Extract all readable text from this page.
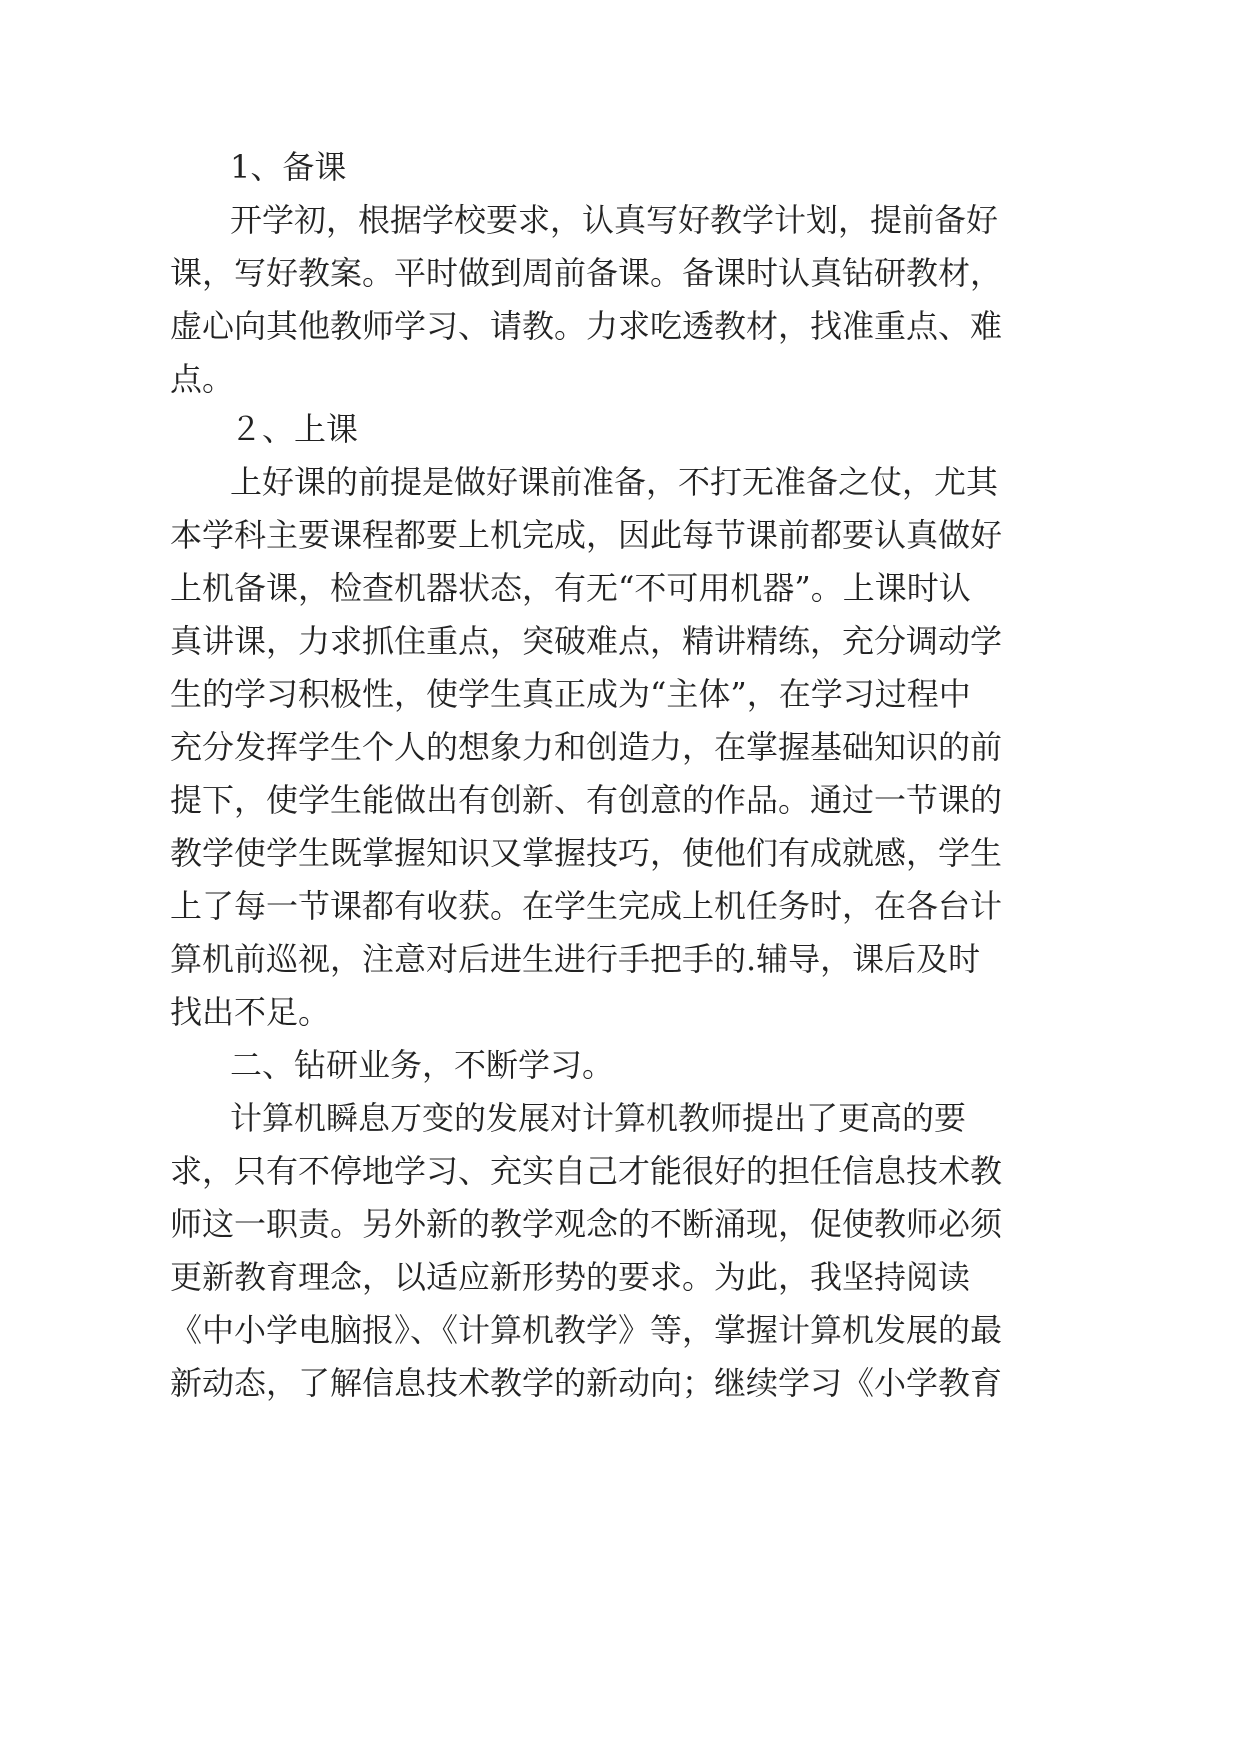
1、备课
开学初，根据学校要求，认真写好教学计划，提前备好
课，写好教案。平时做到周前备课。备课时认真钻研教材，
虚心向其他教师学习、请教。力求吃透教材，找准重点、难
点。
２、上课
上好课的前提是做好课前准备，不打无准备之仗，尤其
本学科主要课程都要上机完成，因此每节课前都要认真做好
上机备课，检查机器状态，有无“不可用机器”。上课时认
真讲课，力求抓住重点，突破难点，精讲精练，充分调动学
生的学习积极性，使学生真正成为“主体”，在学习过程中
充分发挥学生个人的想象力和创造力，在掌握基础知识的前
提下，使学生能做出有创新、有创意的作品。通过一节课的
教学使学生既掌握知识又掌握技巧，使他们有成就感，学生
上了每一节课都有收获。在学生完成上机任务时，在各台计
算机前巡视，注意对后进生进行手把手的.辅导，课后及时
找出不足。
二、钻研业务，不断学习。
计算机瞬息万变的发展对计算机教师提出了更高的要
求，只有不停地学习、充实自己才能很好的担任信息技术教
师这一职责。另外新的教学观念的不断涌现，促使教师必须
更新教育理念，以适应新形势的要求。为此，我坚持阅读
《中小学电脑报》、《计算机教学》等，掌握计算机发展的最
新动态，了解信息技术教学的新动向；继续学习《小学教育
